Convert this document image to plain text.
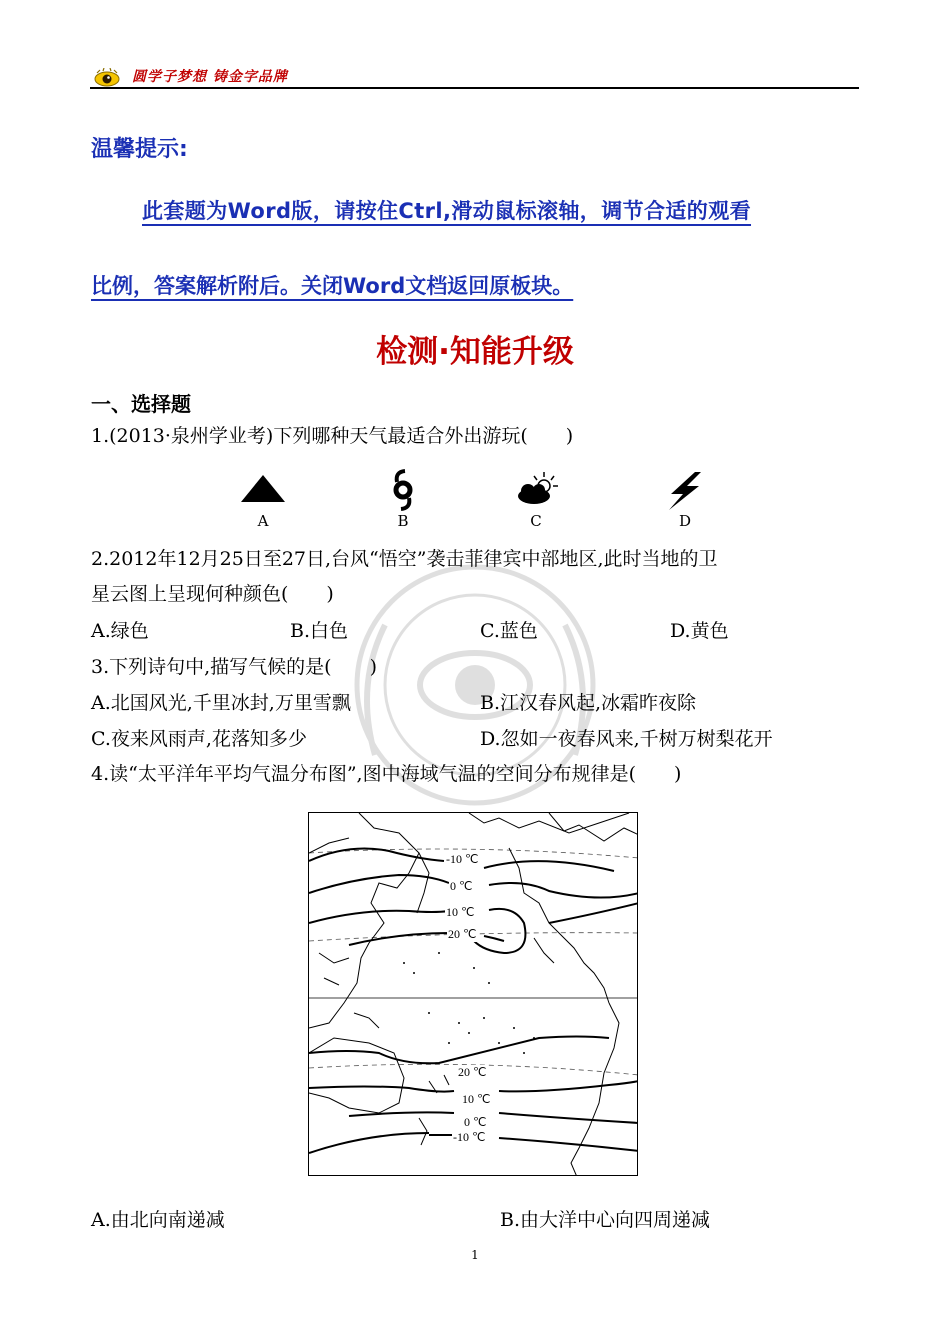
圆学子梦想 铸金字品牌
温馨提示:
此套题为Word版，请按住Ctrl,滑动鼠标滚轴，调节合适的观看
比例，答案解析附后。关闭Word文档返回原板块。
检测·知能升级
一、选择题
1.(2013·泉州学业考)下列哪种天气最适合外出游玩(　　)
A	B	C	D
2.2012年12月25日至27日,台风“悟空”袭击菲律宾中部地区,此时当地的卫
星云图上呈现何种颜色(　　)
A.绿色	B.白色	C.蓝色	D.黄色
3.下列诗句中,描写气候的是(　　)
A.北国风光,千里冰封,万里雪飘	B.江汉春风起,冰霜昨夜除
C.夜来风雨声,花落知多少	D.忽如一夜春风来,千树万树梨花开
4.读“太平洋年平均气温分布图”,图中海域气温的空间分布规律是(　　)
-10 ℃
0 ℃
10 ℃
20 ℃
20 ℃
10 ℃
0 ℃
-10 ℃
A.由北向南递减	B.由大洋中心向四周递减
1
